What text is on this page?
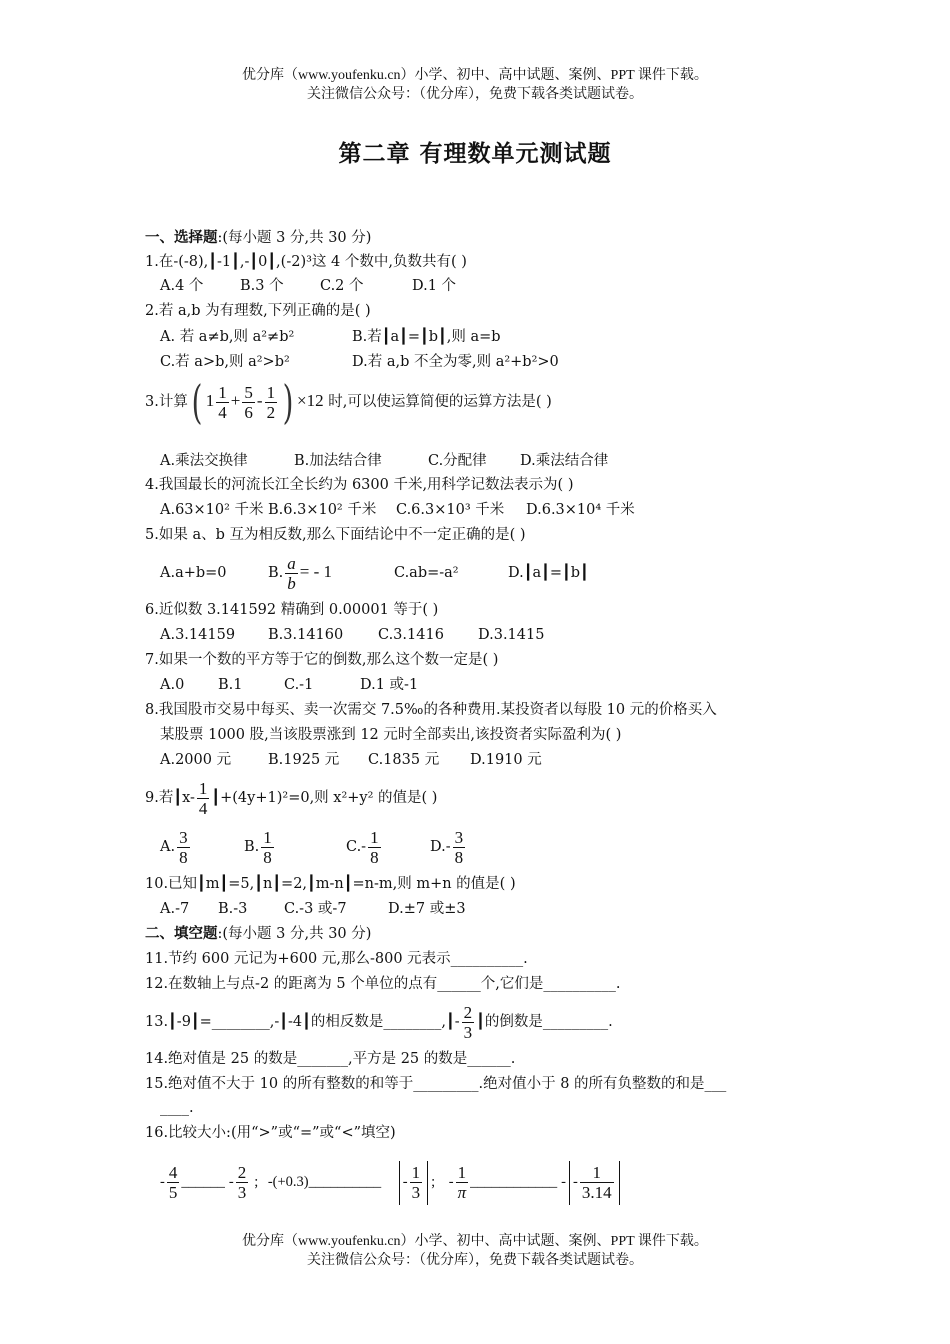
优分库（www.youfenku.cn）小学、初中、高中试题、案例、PPT 课件下载。
关注微信公众号：（优分库），免费下载各类试题试卷。
第二章 有理数单元测试题
一、选择题:(每小题 3 分,共 30 分)
1.在-(-8),┃-1┃,-┃0┃,(-2)³这 4 个数中,负数共有( )
A.4 个	B.3 个	C.2 个	D.1 个
2.若 a,b 为有理数,下列正确的是( )
A. 若 a≠b,则 a²≠b²	B.若┃a┃=┃b┃,则 a=b
C.若 a>b,则 a²>b²	D.若 a,b 不全为零,则 a²+b²>0
3.计算( $1 \frac{1}{4} + \frac{5}{6} - \frac{1}{2}$ ) ×12 时,可以使运算简便的运算方法是( )
A.乘法交换律	B.加法结合律	C.分配律 D.乘法结合律
4.我国最长的河流长江全长约为 6300 千米,用科学记数法表示为( )
A.63×10² 千米 B.6.3×10² 千米 C.6.3×10³ 千米 D.6.3×10⁴ 千米
5.如果 a、b 互为相反数,那么下面结论中不一定正确的是( )
A.a+b=0	B. $\frac{a}{b}$ = - 1	C.ab=-a²	D.┃a┃=┃b┃
6.近似数 3.141592 精确到 0.00001 等于( )
A.3.14159 B.3.14160 C.3.1416 D.3.1415
7.如果一个数的平方等于它的倒数,那么这个数一定是( )
A.0 B.1	C.-1	D.1 或-1
8.我国股市交易中每买、卖一次需交 7.5‰的各种费用.某投资者以每股 10 元的价格买入
某股票 1000 股,当该股票涨到 12 元时全部卖出,该投资者实际盈利为( )
A.2000 元	B.1925 元 C.1835 元 D.1910 元
9.若┃x- $\frac{1}{4}$ ┃+(4y+1)²=0,则 x²+y² 的值是( )
A. $\frac{3}{8}$	B. $\frac{1}{8}$	$C.- \frac{1}{8}$	$D.- \frac{3}{8}$
10.已知┃m┃=5,┃n┃=2,┃m-n┃=n-m,则 m+n 的值是( )
A.-7 B.-3	C.-3 或-7	D.±7 或±3
二、填空题:(每小题 3 分,共 30 分)
11.节约 600 元记为+600 元,那么-800 元表示__________.
12.在数轴上与点-2 的距离为 5 个单位的点有______个,它们是__________.
13.┃-9┃=________,-┃-4┃的相反数是________,┃- $\frac{2}{3}$ ┃的倒数是_________.
14.绝对值是 25 的数是_______,平方是 25 的数是______.
15.绝对值不大于 10 的所有整数的和等于_________.绝对值小于 8 的所有负整数的和是___
____.
16.比较大小:(用“>”或“=”或“<”填空)
- $\frac{4}{5}$ ______ - $\frac{2}{3}$ ; -(+0.3)__________ - $\frac{1}{3}$ ; - $\frac{1}{\pi}$ ____________ - - $\frac{1}{3.14}$
优分库（www.youfenku.cn）小学、初中、高中试题、案例、PPT 课件下载。
关注微信公众号：（优分库），免费下载各类试题试卷。
